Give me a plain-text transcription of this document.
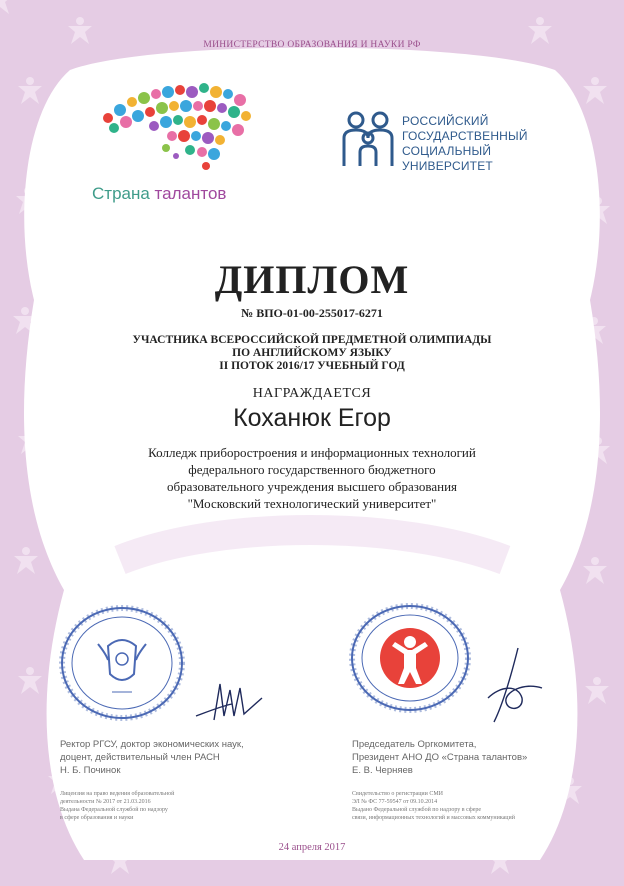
МИНИСТЕРСТВО ОБРАЗОВАНИЯ И НАУКИ РФ
Страна талантов
РОССИЙСКИЙ
ГОСУДАРСТВЕННЫЙ
СОЦИАЛЬНЫЙ
УНИВЕРСИТЕТ
ДИПЛОМ
№ ВПО-01-00-255017-6271
УЧАСТНИКА ВСЕРОССИЙСКОЙ ПРЕДМЕТНОЙ ОЛИМПИАДЫ
ПО АНГЛИЙСКОМУ ЯЗЫКУ
II ПОТОК 2016/17 УЧЕБНЫЙ ГОД
НАГРАЖДАЕТСЯ
Коханюк Егор
Колледж приборостроения и информационных технологий
федерального государственного бюджетного
образовательного учреждения высшего образования
"Московский технологический университет"
Ректор РГСУ, доктор экономических наук,
доцент, действительный член РАСН
Н. Б. Починок
Председатель Оргкомитета,
Президент АНО ДО «Страна талантов»
Е. В. Черняев
Лицензия на право ведения образовательной
деятельности № 2017 от 21.03.2016
Выдана Федеральной службой по надзору
в сфере образования и науки
Свидетельство о регистрации СМИ
ЭЛ № ФС 77-59547 от 09.10.2014
Выдано Федеральной службой по надзору в сфере
связи, информационных технологий и массовых коммуникаций
24 апреля 2017
